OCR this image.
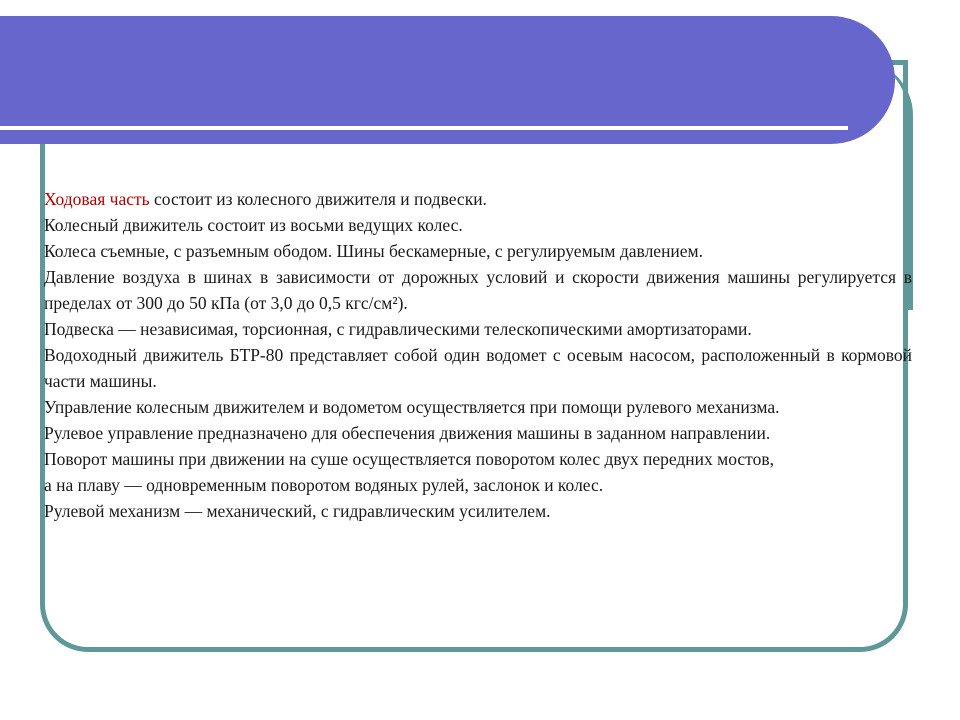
Ходовая часть состоит из колесного движителя и подвески.

Колесный движитель состоит из восьми ведущих колес.

Колеса съемные, с разъемным ободом. Шины бескамерные, с регулируемым давлением.

Давление воздуха в шинах в зависимости от дорожных условий и скорости движения машины регулируется в пределах от 300 до 50 кПа (от 3,0 до 0,5 кгс/см²).

Подвеска — независимая, торсионная, с гидравлическими телескопическими амортизаторами.

Водоходный движитель БТР-80 представляет собой один водомет с осевым насосом, расположенный в кормовой части машины.

Управление колесным движителем и водометом осуществляется при помощи рулевого механизма.

Рулевое управление предназначено для обеспечения движения машины в заданном направлении.

Поворот машины при движении на суше осуществляется поворотом колес двух передних мостов,

а на плаву — одновременным поворотом водяных рулей, заслонок и колес.

Рулевой механизм — механический, с гидравлическим усилителем.
